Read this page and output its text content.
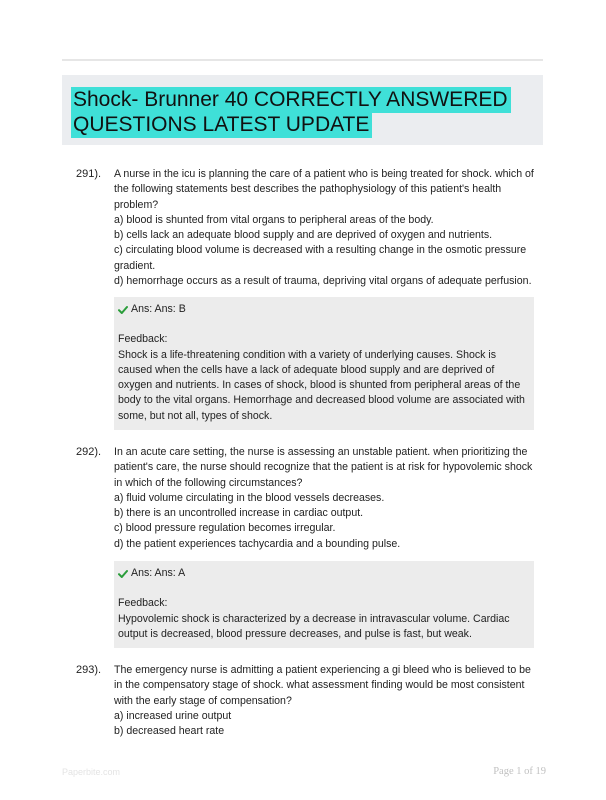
Shock- Brunner 40 CORRECTLY ANSWERED QUESTIONS LATEST UPDATE
291). A nurse in the icu is planning the care of a patient who is being treated for shock. which of the following statements best describes the pathophysiology of this patient's health problem?

a) blood is shunted from vital organs to peripheral areas of the body.

b) cells lack an adequate blood supply and are deprived of oxygen and nutrients.

c) circulating blood volume is decreased with a resulting change in the osmotic pressure gradient.

d) hemorrhage occurs as a result of trauma, depriving vital organs of adequate perfusion.

Ans: Ans: B
Feedback:
Shock is a life-threatening condition with a variety of underlying causes. Shock is caused when the cells have a lack of adequate blood supply and are deprived of oxygen and nutrients. In cases of shock, blood is shunted from peripheral areas of the body to the vital organs. Hemorrhage and decreased blood volume are associated with some, but not all, types of shock.
292). In an acute care setting, the nurse is assessing an unstable patient. when prioritizing the patient's care, the nurse should recognize that the patient is at risk for hypovolemic shock in which of the following circumstances?

a) fluid volume circulating in the blood vessels decreases.

b) there is an uncontrolled increase in cardiac output.

c) blood pressure regulation becomes irregular.

d) the patient experiences tachycardia and a bounding pulse.

Ans: Ans: A
Feedback:
Hypovolemic shock is characterized by a decrease in intravascular volume. Cardiac output is decreased, blood pressure decreases, and pulse is fast, but weak.
293). The emergency nurse is admitting a patient experiencing a gi bleed who is believed to be in the compensatory stage of shock. what assessment finding would be most consistent with the early stage of compensation?

a) increased urine output

b) decreased heart rate

Paperbite.com	Page 1 of 19
